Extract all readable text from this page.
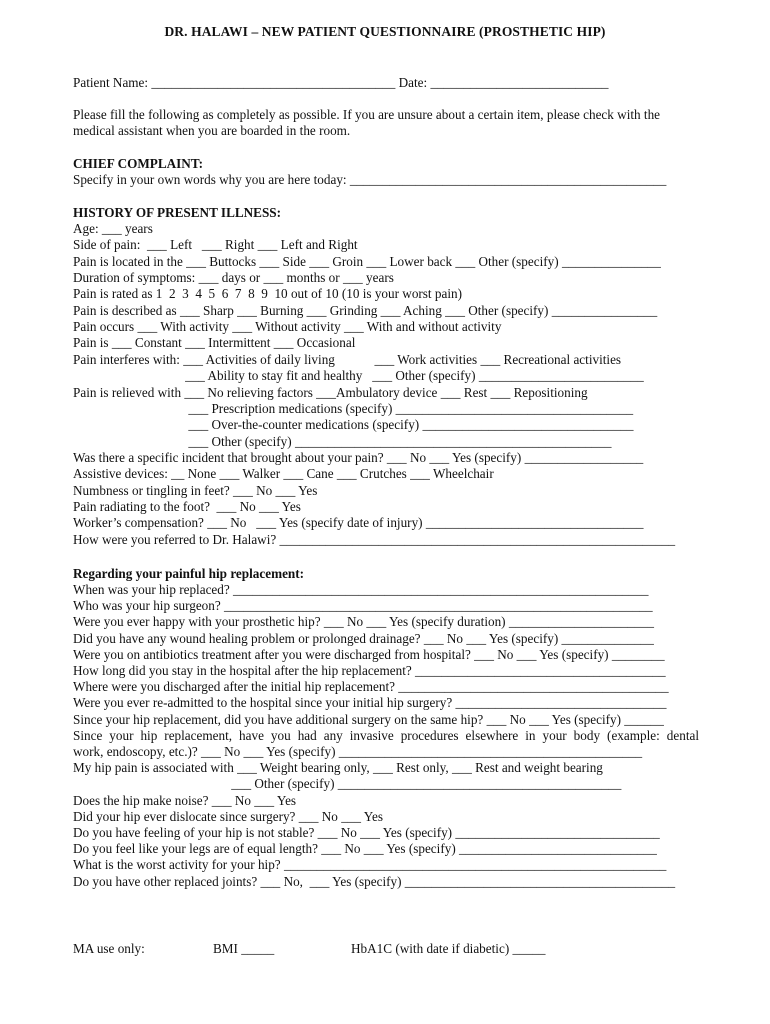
DR. HALAWI – NEW PATIENT QUESTIONNAIRE (PROSTHETIC HIP)
Patient Name: _____________________________________ Date: ___________________________
Please fill the following as completely as possible. If you are unsure about a certain item, please check with the
medical assistant when you are boarded in the room.
CHIEF COMPLAINT:
Specify in your own words why you are here today: ________________________________________________
HISTORY OF PRESENT ILLNESS:
Age: ___ years
Side of pain:  ___ Left   ___ Right ___ Left and Right
Pain is located in the ___ Buttocks ___ Side ___ Groin ___ Lower back ___ Other (specify) _______________
Duration of symptoms: ___ days or ___ months or ___ years
Pain is rated as 1  2  3  4  5  6  7  8  9  10 out of 10 (10 is your worst pain)
Pain is described as ___ Sharp ___ Burning ___ Grinding ___ Aching ___ Other (specify) ________________
Pain occurs ___ With activity ___ Without activity ___ With and without activity
Pain is ___ Constant ___ Intermittent ___ Occasional
Pain interferes with: ___ Activities of daily living            ___ Work activities ___ Recreational activities
___ Ability to stay fit and healthy   ___ Other (specify) _________________________
Pain is relieved with ___ No relieving factors ___Ambulatory device ___ Rest ___ Repositioning
___ Prescription medications (specify) ____________________________________
___ Over-the-counter medications (specify) ________________________________
___ Other (specify) ________________________________________________
Was there a specific incident that brought about your pain? ___ No ___ Yes (specify) __________________
Assistive devices: __ None ___ Walker ___ Cane ___ Crutches ___ Wheelchair
Numbness or tingling in feet? ___ No ___ Yes
Pain radiating to the foot?  ___ No ___ Yes
Worker’s compensation? ___ No   ___ Yes (specify date of injury) _________________________________
How were you referred to Dr. Halawi? ____________________________________________________________
Regarding your painful hip replacement:
When was your hip replaced? _______________________________________________________________
Who was your hip surgeon? _________________________________________________________________
Were you ever happy with your prosthetic hip? ___ No ___ Yes (specify duration) ______________________
Did you have any wound healing problem or prolonged drainage? ___ No ___ Yes (specify) ______________
Were you on antibiotics treatment after you were discharged from hospital? ___ No ___ Yes (specify) ________
How long did you stay in the hospital after the hip replacement? ______________________________________
Where were you discharged after the initial hip replacement? _________________________________________
Were you ever re-admitted to the hospital since your initial hip surgery? ________________________________
Since your hip replacement, did you have additional surgery on the same hip? ___ No ___ Yes (specify) ______
Since your hip replacement, have you had any invasive procedures elsewhere in your body (example: dental
work, endoscopy, etc.)? ___ No ___ Yes (specify) ______________________________________________
My hip pain is associated with ___ Weight bearing only, ___ Rest only, ___ Rest and weight bearing
___ Other (specify) ___________________________________________
Does the hip make noise? ___ No ___ Yes
Did your hip ever dislocate since surgery? ___ No ___ Yes
Do you have feeling of your hip is not stable? ___ No ___ Yes (specify) _______________________________
Do you feel like your legs are of equal length? ___ No ___ Yes (specify) ______________________________
What is the worst activity for your hip? __________________________________________________________
Do you have other replaced joints? ___ No,  ___ Yes (specify) _________________________________________
MA use only:	BMI _____	HbA1C (with date if diabetic) _____
